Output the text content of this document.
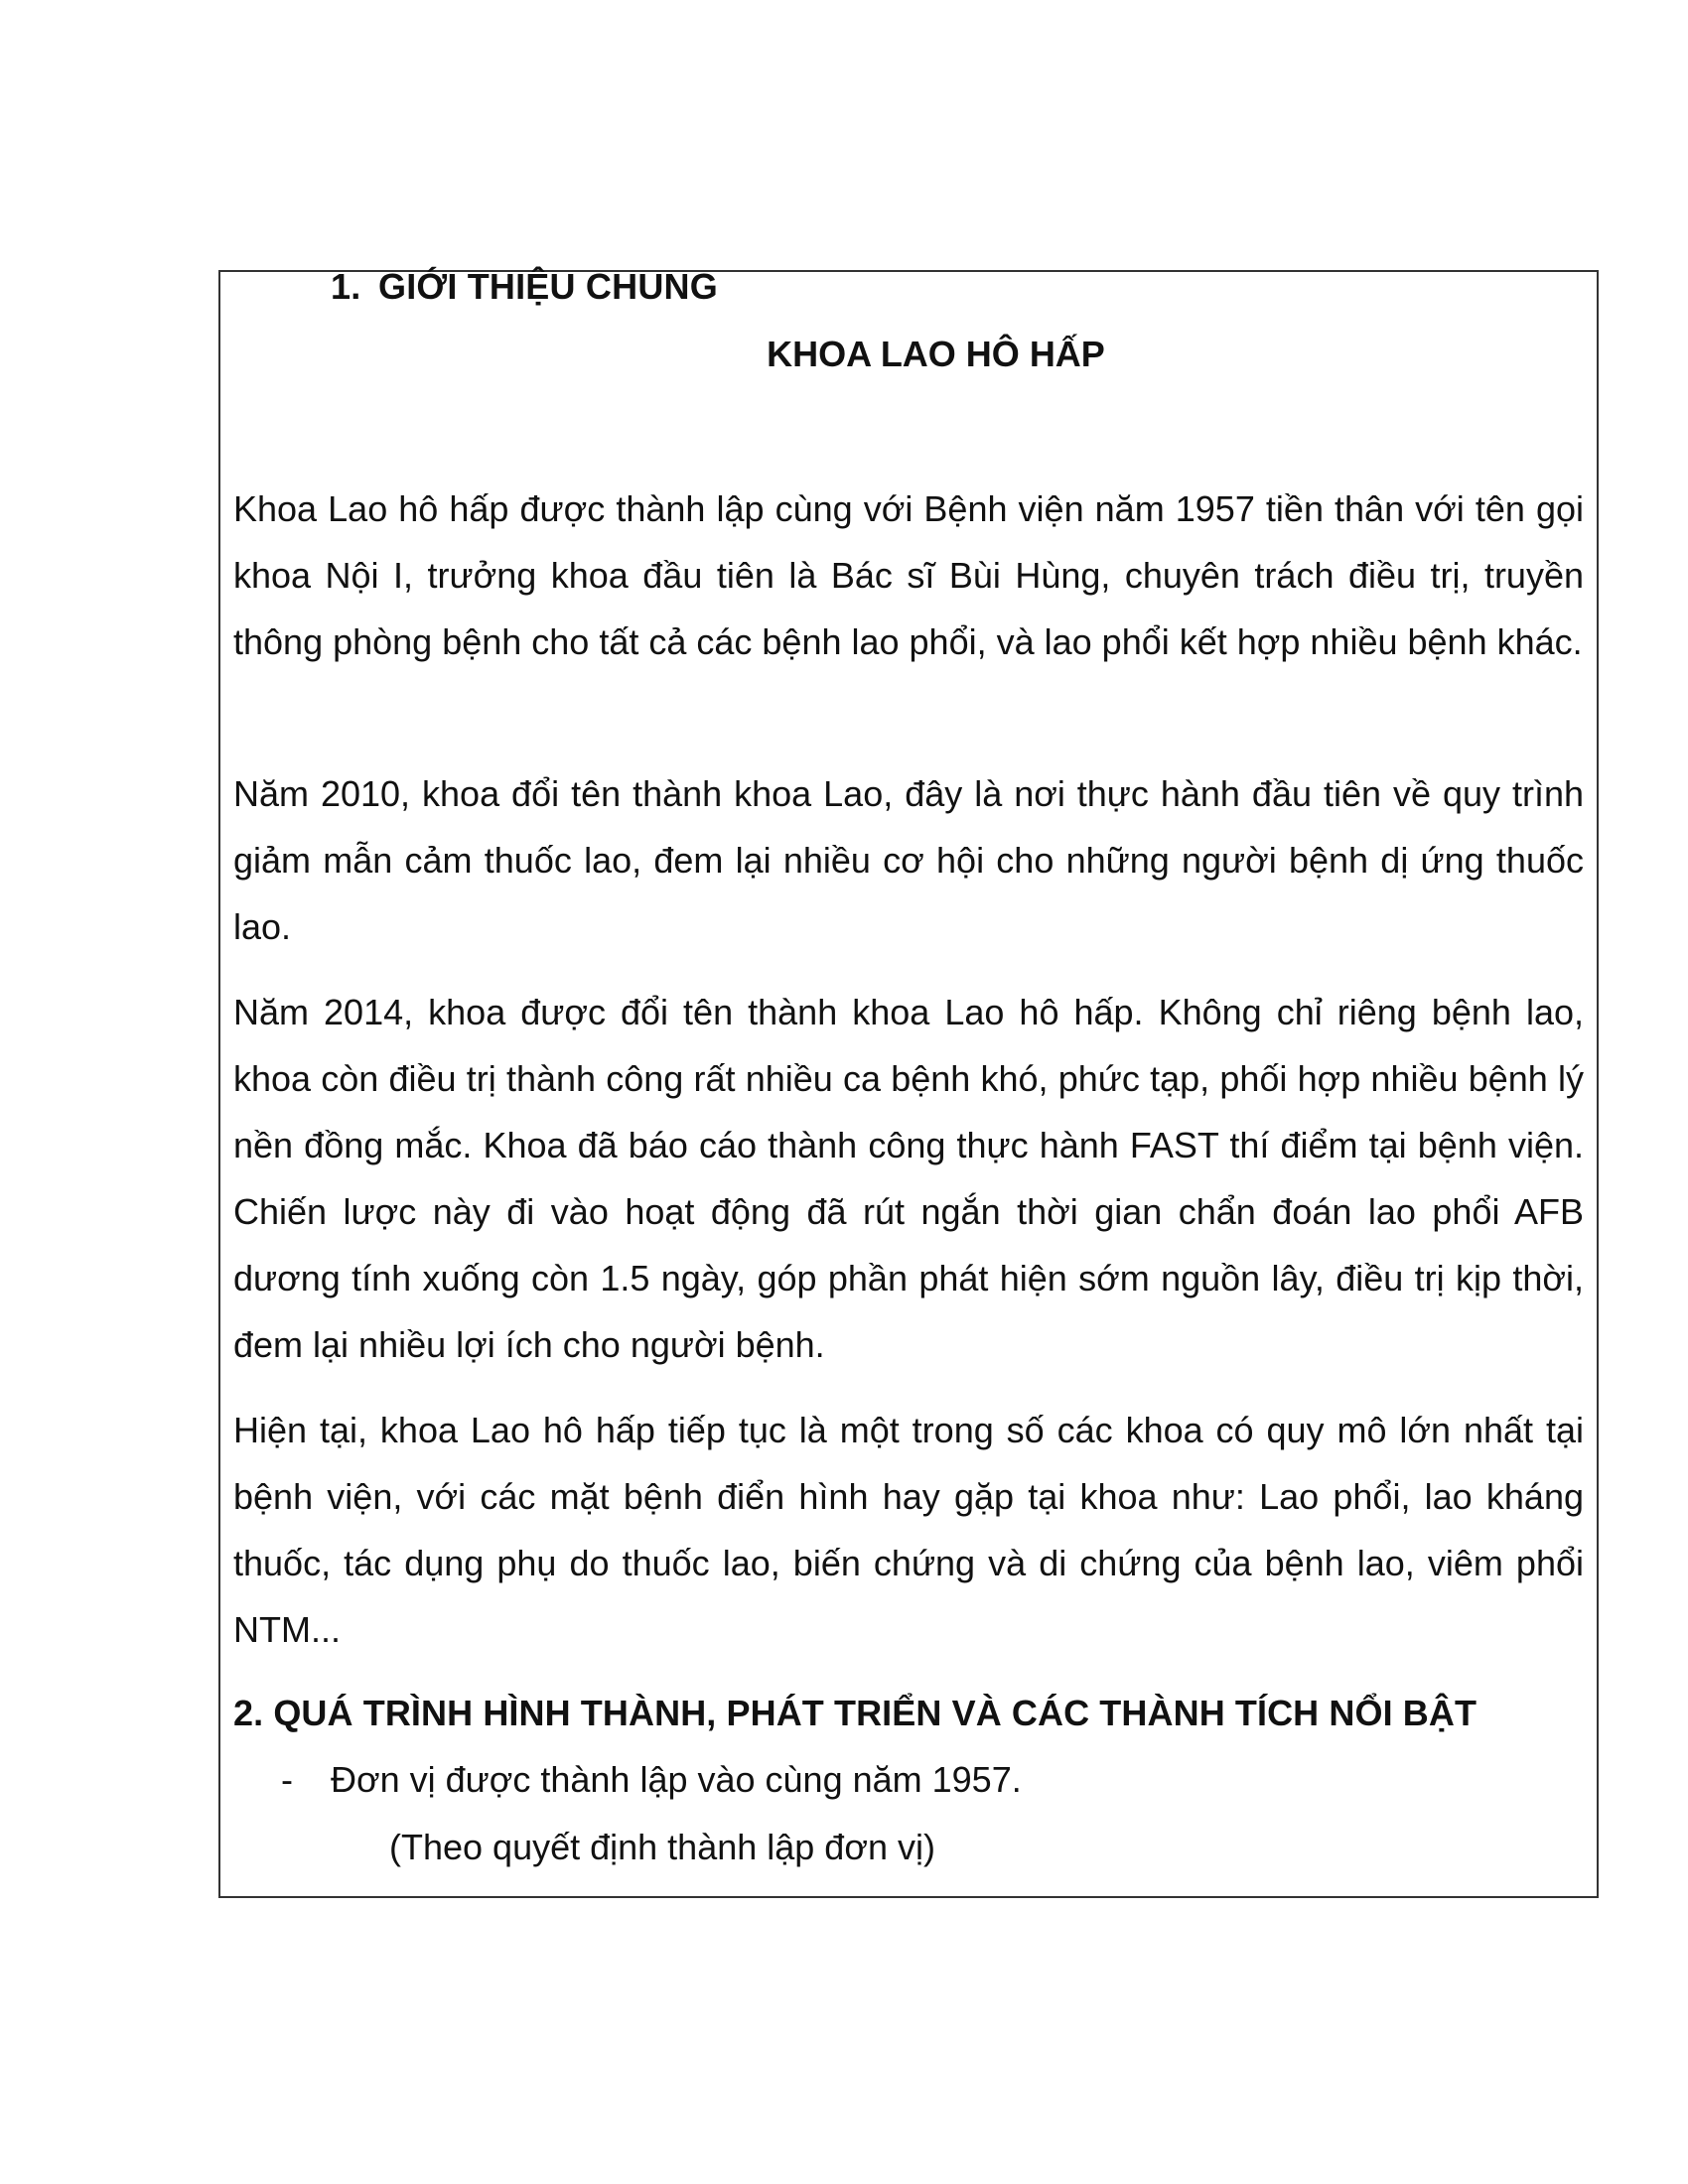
1. GIỚI THIỆU CHUNG
KHOA LAO HÔ HẤP

Khoa Lao hô hấp được thành lập cùng với Bệnh viện năm 1957 tiền thân với tên gọi khoa Nội I, trưởng khoa đầu tiên là Bác sĩ Bùi Hùng, chuyên trách điều trị, truyền thông phòng bệnh cho tất cả các bệnh lao phổi, và lao phổi kết hợp nhiều bệnh khác.

Năm 2010, khoa đổi tên thành khoa Lao, đây là nơi thực hành đầu tiên về quy trình giảm mẫn cảm thuốc lao, đem lại nhiều cơ hội cho những người bệnh dị ứng thuốc lao.

Năm 2014, khoa được đổi tên thành khoa Lao hô hấp. Không chỉ riêng bệnh lao, khoa còn điều trị thành công rất nhiều ca bệnh khó, phức tạp, phối hợp nhiều bệnh lý nền đồng mắc. Khoa đã báo cáo thành công thực hành FAST thí điểm tại bệnh viện. Chiến lược này đi vào hoạt động đã rút ngắn thời gian chẩn đoán lao phổi AFB dương tính xuống còn 1.5 ngày, góp phần phát hiện sớm nguồn lây, điều trị kịp thời, đem lại nhiều lợi ích cho người bệnh.

Hiện tại, khoa Lao hô hấp tiếp tục là một trong số các khoa có quy mô lớn nhất tại bệnh viện, với các mặt bệnh điển hình hay gặp tại khoa như: Lao phổi, lao kháng thuốc, tác dụng phụ do thuốc lao, biến chứng và di chứng của bệnh lao, viêm phổi NTM...

2. QUÁ TRÌNH HÌNH THÀNH, PHÁT TRIỂN VÀ CÁC THÀNH TÍCH NỔI BẬT
- Đơn vị được thành lập vào cùng năm 1957.
(Theo quyết định thành lập đơn vị)
